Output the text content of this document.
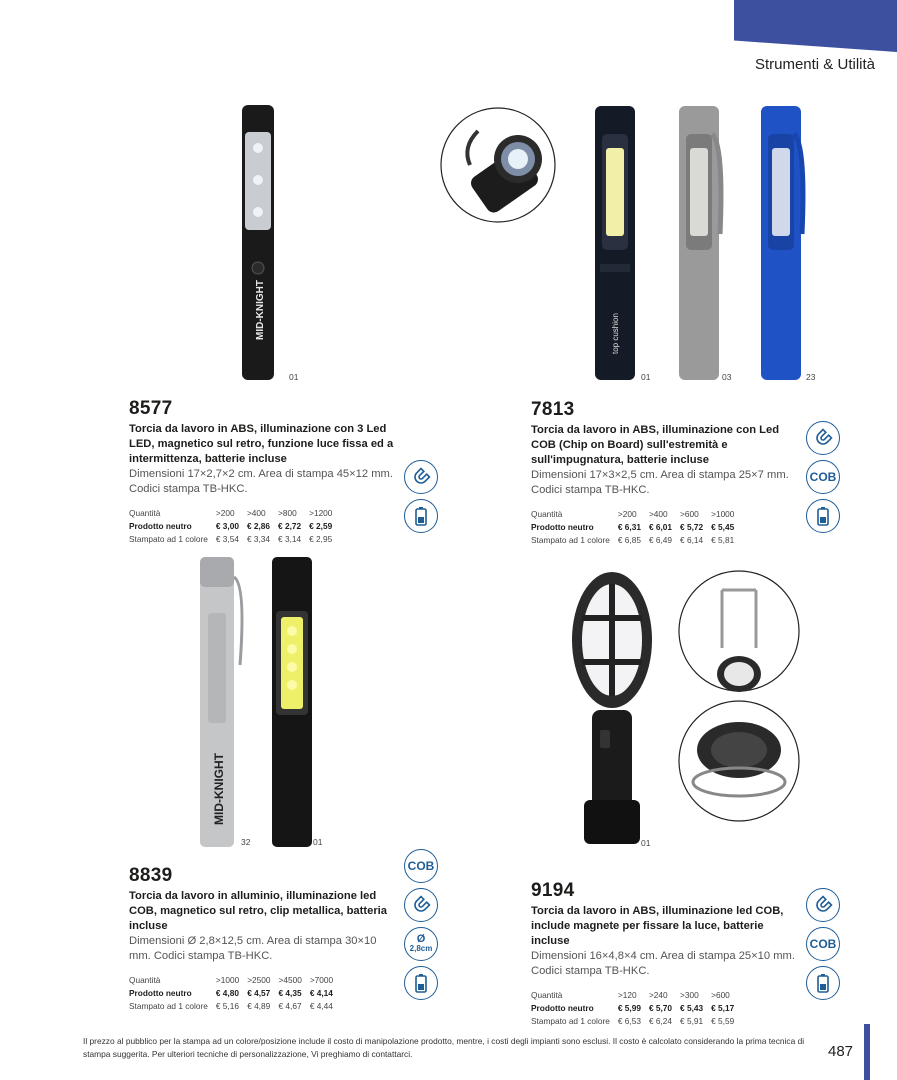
Strumenti & Utilità
MID-KNIGHT
01
top cushion
01	03	23
8577
Torcia da lavoro in ABS, illuminazione con 3 Led LED, magnetico sul retro, funzione luce fissa ed a intermittenza, batterie incluse
Dimensioni 17×2,7×2 cm. Area di stampa 45×12 mm. Codici stampa TB-HKC.
Quantità	>200	>400	>800	>1200
Prodotto neutro	€ 3,00	€ 2,86	€ 2,72	€ 2,59
Stampato ad 1 colore	€ 3,54	€ 3,34	€ 3,14	€ 2,95
7813
Torcia da lavoro in ABS, illuminazione con Led COB (Chip on Board) sull'estremità e sull'impugnatura, batterie incluse
Dimensioni 17×3×2,5 cm. Area di stampa 25×7 mm. Codici stampa TB-HKC.
Quantità	>200	>400	>600	>1000
Prodotto neutro	€ 6,31	€ 6,01	€ 5,72	€ 5,45
Stampato ad 1 colore	€ 6,85	€ 6,49	€ 6,14	€ 5,81
COB
MID-KNIGHT
32	01	01
8839
Torcia da lavoro in alluminio, illuminazione led COB, magnetico sul retro, clip metallica, batteria incluse
Dimensioni Ø 2,8×12,5 cm. Area di stampa 30×10 mm. Codici stampa TB-HKC.
Quantità	>1000	>2500	>4500	>7000
Prodotto neutro	€ 4,80	€ 4,57	€ 4,35	€ 4,14
Stampato ad 1 colore	€ 5,16	€ 4,89	€ 4,67	€ 4,44
COB
Ø
2,8cm
9194
Torcia da lavoro in ABS, illuminazione led COB, include magnete per fissare la luce, batterie incluse
Dimensioni 16×4,8×4 cm. Area di stampa 25×10 mm. Codici stampa TB-HKC.
Quantità	>120	>240	>300	>600
Prodotto neutro	€ 5,99	€ 5,70	€ 5,43	€ 5,17
Stampato ad 1 colore	€ 6,53	€ 6,24	€ 5,91	€ 5,59
COB
Il prezzo al pubblico per la stampa ad un colore/posizione include il costo di manipolazione prodotto, mentre, i costi degli impianti sono esclusi. Il costo è calcolato considerando la prima tecnica di stampa suggerita. Per ulteriori tecniche di personalizzazione, Vi preghiamo di contattarci.	487
